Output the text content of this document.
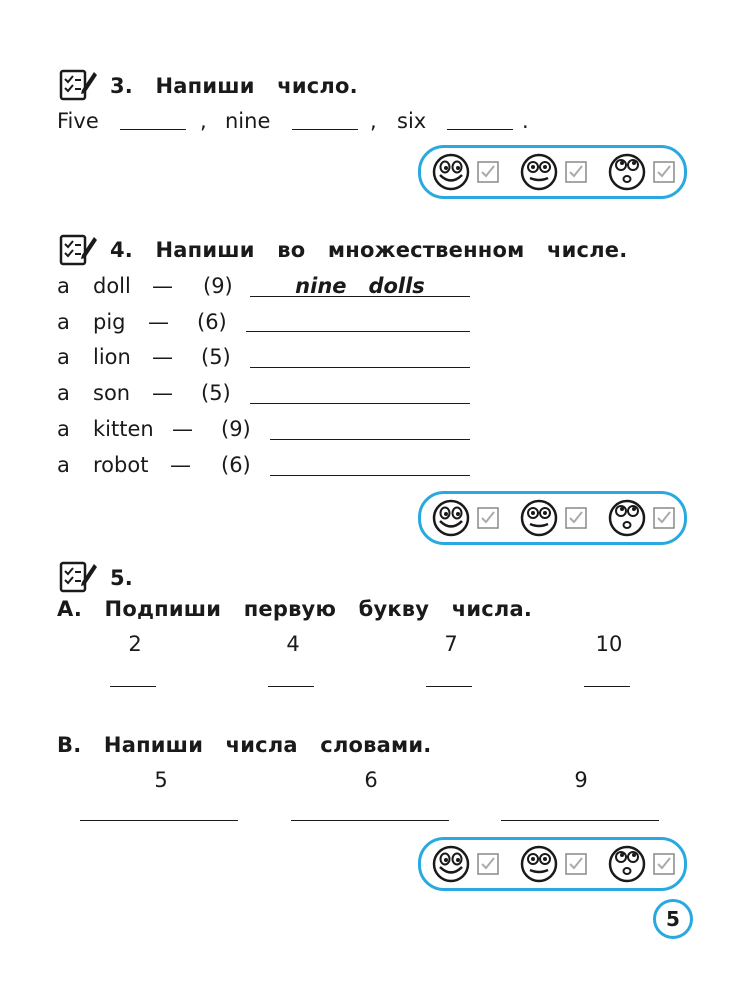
3.   Напиши   число.
Five	, nine	, six	.
4.   Напиши   во   множественном   числе.
a doll — (9)	nine   dolls
a pig — (6)
a lion — (5)
a son — (5)
a kitten — (9)
a robot — (6)
5.
A.   Подпиши   первую   букву   числа.
2	4	7	10
B.   Напиши   числа   словами.
5	6	9
5
